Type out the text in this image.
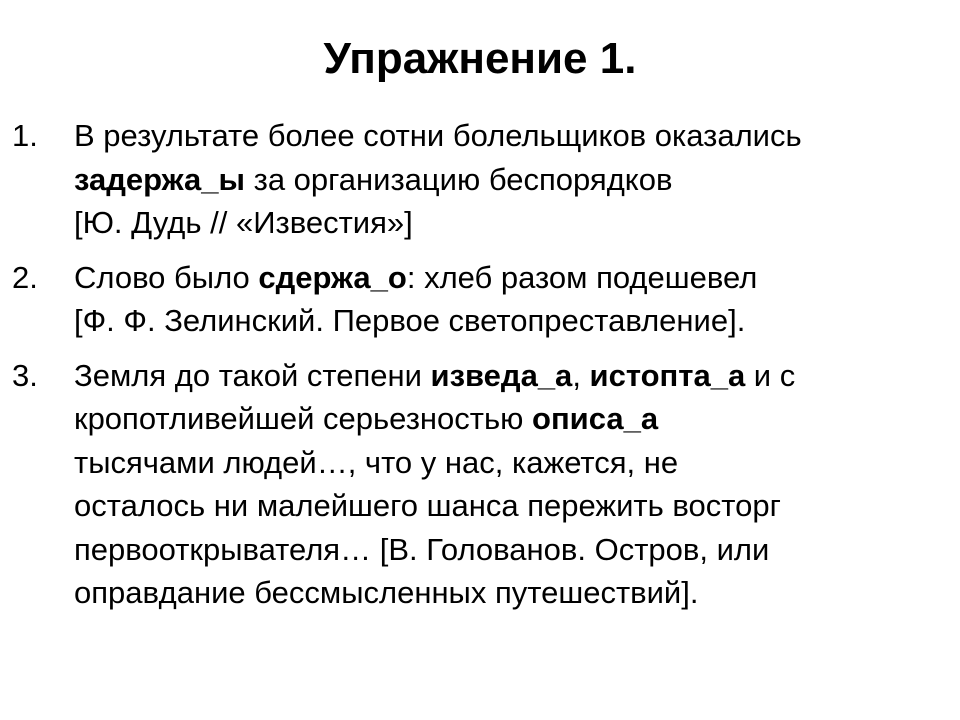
Упражнение 1.
1. В результате более сотни болельщиков оказались
задержа_ы за организацию беспорядков
[Ю. Дудь // «Известия»]
2. Слово было сдержа_о: хлеб разом подешевел
[Ф. Ф. Зелинский. Первое светопреставление].
3. Земля до такой степени изведа_а, истопта_а и с
кропотливейшей серьезностью описа_а
тысячами людей…, что у нас, кажется, не
осталось ни малейшего шанса пережить восторг
первооткрывателя… [В. Голованов. Остров, или
оправдание бессмысленных путешествий].
